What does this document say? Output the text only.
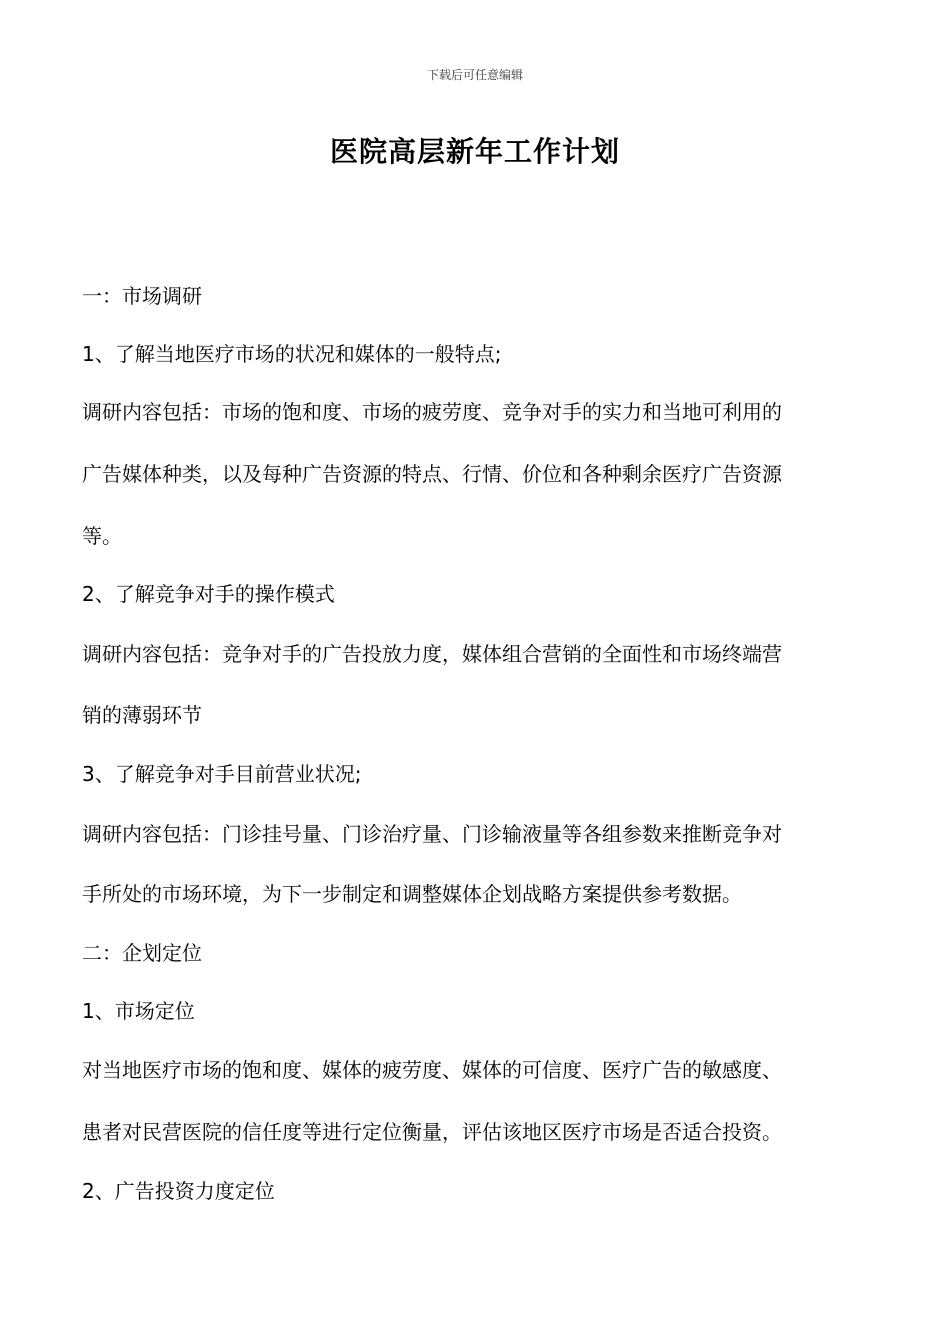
下载后可任意编辑
医院高层新年工作计划
一：市场调研
1、了解当地医疗市场的状况和媒体的一般特点;
调研内容包括：市场的饱和度、市场的疲劳度、竞争对手的实力和当地可利用的
广告媒体种类，以及每种广告资源的特点、行情、价位和各种剩余医疗广告资源
等。
2、了解竞争对手的操作模式
调研内容包括：竞争对手的广告投放力度，媒体组合营销的全面性和市场终端营
销的薄弱环节
3、了解竞争对手目前营业状况;
调研内容包括：门诊挂号量、门诊治疗量、门诊输液量等各组参数来推断竞争对
手所处的市场环境，为下一步制定和调整媒体企划战略方案提供参考数据。
二：企划定位
1、市场定位
对当地医疗市场的饱和度、媒体的疲劳度、媒体的可信度、医疗广告的敏感度、
患者对民营医院的信任度等进行定位衡量，评估该地区医疗市场是否适合投资。
2、广告投资力度定位
